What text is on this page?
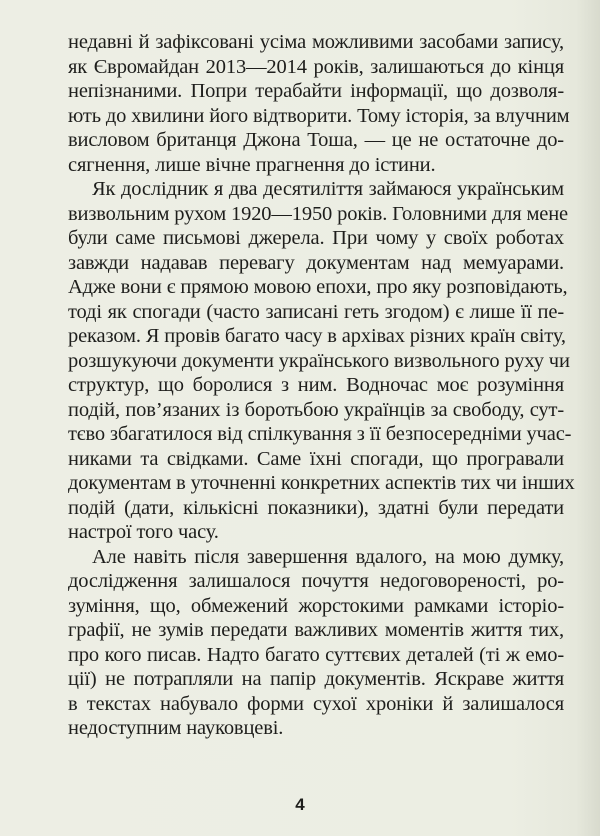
недавні й зафіксовані усіма можливими засобами запису,
як Євромайдан 2013—2014 років, залишаються до кінця
непізнаними. Попри терабайти інформації, що дозволя-
ють до хвилини його відтворити. Тому історія, за влучним
висловом британця Джона Тоша, — це не остаточне до-
сягнення, лише вічне прагнення до істини.

Як дослідник я два десятиліття займаюся українським
визвольним рухом 1920—1950 років. Головними для мене
були саме письмові джерела. При чому у своїх роботах
завжди надавав перевагу документам над мемуарами.
Адже вони є прямою мовою епохи, про яку розповідають,
тоді як спогади (часто записані геть згодом) є лише її пе-
реказом. Я провів багато часу в архівах різних країн світу,
розшукуючи документи українського визвольного руху чи
структур, що боролися з ним. Водночас моє розуміння
подій, пов’язаних із боротьбою українців за свободу, сут-
тєво збагатилося від спілкування з її безпосередніми учас-
никами та свідками. Саме їхні спогади, що програвали
документам в уточненні конкретних аспектів тих чи інших
подій (дати, кількісні показники), здатні були передати
настрої того часу.

Але навіть після завершення вдалого, на мою думку,
дослідження залишалося почуття недоговореності, ро-
зуміння, що, обмежений жорстокими рамками історіо-
графії, не зумів передати важливих моментів життя тих,
про кого писав. Надто багато суттєвих деталей (ті ж емо-
ції) не потрапляли на папір документів. Яскраве життя
в текстах набувало форми сухої хроніки й залишалося
недоступним науковцеві.

4
